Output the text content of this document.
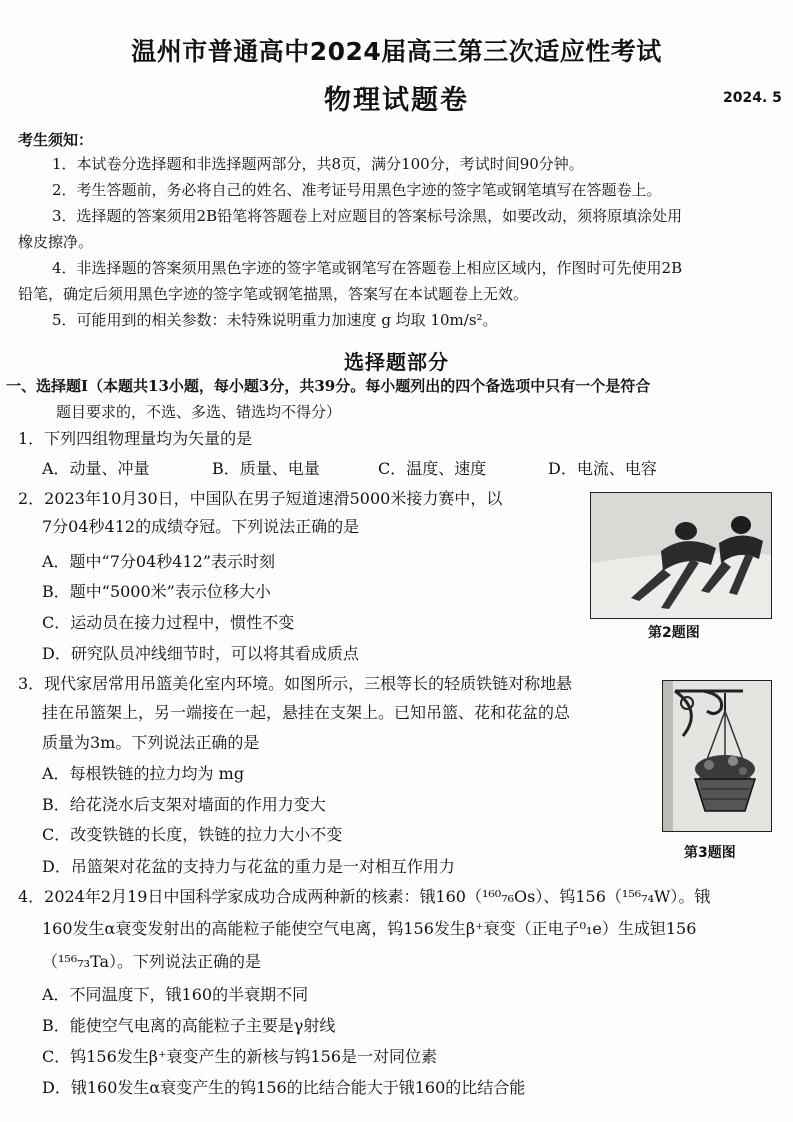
温州市普通高中2024届高三第三次适应性考试
物理试题卷	2024. 5
考生须知：
1．本试卷分选择题和非选择题两部分，共8页，满分100分，考试时间90分钟。
2．考生答题前，务必将自己的姓名、准考证号用黑色字迹的签字笔或钢笔填写在答题卷上。
3．选择题的答案须用2B铅笔将答题卷上对应题目的答案标号涂黑，如要改动，须将原填涂处用
橡皮擦净。
4．非选择题的答案须用黑色字迹的签字笔或钢笔写在答题卷上相应区域内，作图时可先使用2B
铅笔，确定后须用黑色字迹的签字笔或钢笔描黑，答案写在本试题卷上无效。
5．可能用到的相关参数：未特殊说明重力加速度 g 均取 10m/s²。
选择题部分
一、选择题Ⅰ（本题共13小题，每小题3分，共39分。每小题列出的四个备选项中只有一个是符合
题目要求的，不选、多选、错选均不得分）
1．下列四组物理量均为矢量的是
A．动量、冲量	B．质量、电量	C．温度、速度	D．电流、电容
2．2023年10月30日，中国队在男子短道速滑5000米接力赛中，以
7分04秒412的成绩夺冠。下列说法正确的是
A．题中“7分04秒412”表示时刻
B．题中“5000米”表示位移大小
C．运动员在接力过程中，惯性不变
D．研究队员冲线细节时，可以将其看成质点
第2题图
3．现代家居常用吊篮美化室内环境。如图所示，三根等长的轻质铁链对称地悬
挂在吊篮架上，另一端接在一起，悬挂在支架上。已知吊篮、花和花盆的总
质量为3m。下列说法正确的是
A．每根铁链的拉力均为 mg
B．给花浇水后支架对墙面的作用力变大
C．改变铁链的长度，铁链的拉力大小不变
D．吊篮架对花盆的支持力与花盆的重力是一对相互作用力
第3题图
4．2024年2月19日中国科学家成功合成两种新的核素：锇160（¹⁶⁰₇₆Os）、钨156（¹⁵⁶₇₄W）。锇
160发生α衰变发射出的高能粒子能使空气电离，钨156发生β⁺衰变（正电子⁰₁e）生成钽156
（¹⁵⁶₇₃Ta）。下列说法正确的是
A．不同温度下，锇160的半衰期不同
B．能使空气电离的高能粒子主要是γ射线
C．钨156发生β⁺衰变产生的新核与钨156是一对同位素
D．锇160发生α衰变产生的钨156的比结合能大于锇160的比结合能
